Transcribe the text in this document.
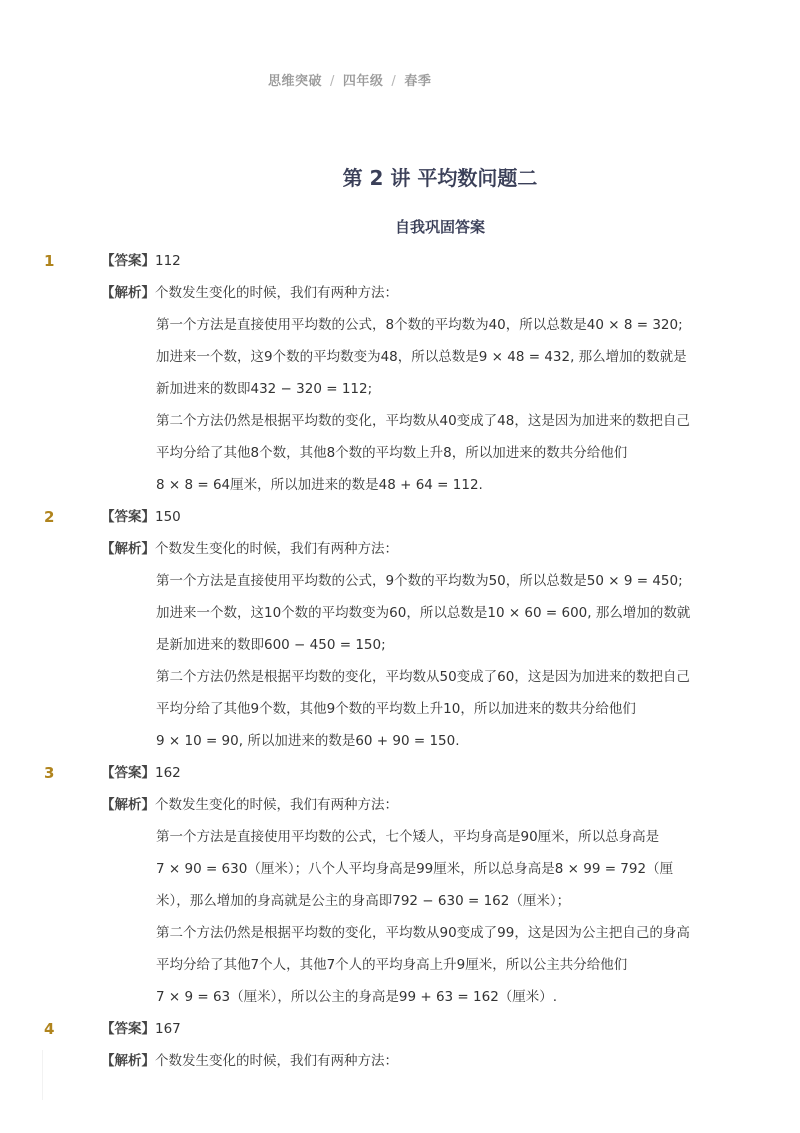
思维突破 / 四年级 / 春季
第 2 讲 平均数问题二
自我巩固答案
1	【答案】112
【解析】个数发生变化的时候，我们有两种方法：
第一个方法是直接使用平均数的公式，8个数的平均数为40，所以总数是40 × 8 = 320;
加进来一个数，这9个数的平均数变为48，所以总数是9 × 48 = 432, 那么增加的数就是
新加进来的数即432 − 320 = 112;
第二个方法仍然是根据平均数的变化，平均数从40变成了48，这是因为加进来的数把自己
平均分给了其他8个数，其他8个数的平均数上升8，所以加进来的数共分给他们
8 × 8 = 64厘米，所以加进来的数是48 + 64 = 112.
2	【答案】150
【解析】个数发生变化的时候，我们有两种方法：
第一个方法是直接使用平均数的公式，9个数的平均数为50，所以总数是50 × 9 = 450;
加进来一个数，这10个数的平均数变为60，所以总数是10 × 60 = 600, 那么增加的数就
是新加进来的数即600 − 450 = 150;
第二个方法仍然是根据平均数的变化，平均数从50变成了60，这是因为加进来的数把自己
平均分给了其他9个数，其他9个数的平均数上升10，所以加进来的数共分给他们
9 × 10 = 90, 所以加进来的数是60 + 90 = 150.
3	【答案】162
【解析】个数发生变化的时候，我们有两种方法：
第一个方法是直接使用平均数的公式，七个矮人，平均身高是90厘米，所以总身高是
7 × 90 = 630（厘米）；八个人平均身高是99厘米，所以总身高是8 × 99 = 792（厘
米），那么增加的身高就是公主的身高即792 − 630 = 162（厘米）；
第二个方法仍然是根据平均数的变化，平均数从90变成了99，这是因为公主把自己的身高
平均分给了其他7个人，其他7个人的平均身高上升9厘米，所以公主共分给他们
7 × 9 = 63（厘米），所以公主的身高是99 + 63 = 162（厘米）.
4	【答案】167
【解析】个数发生变化的时候，我们有两种方法：
